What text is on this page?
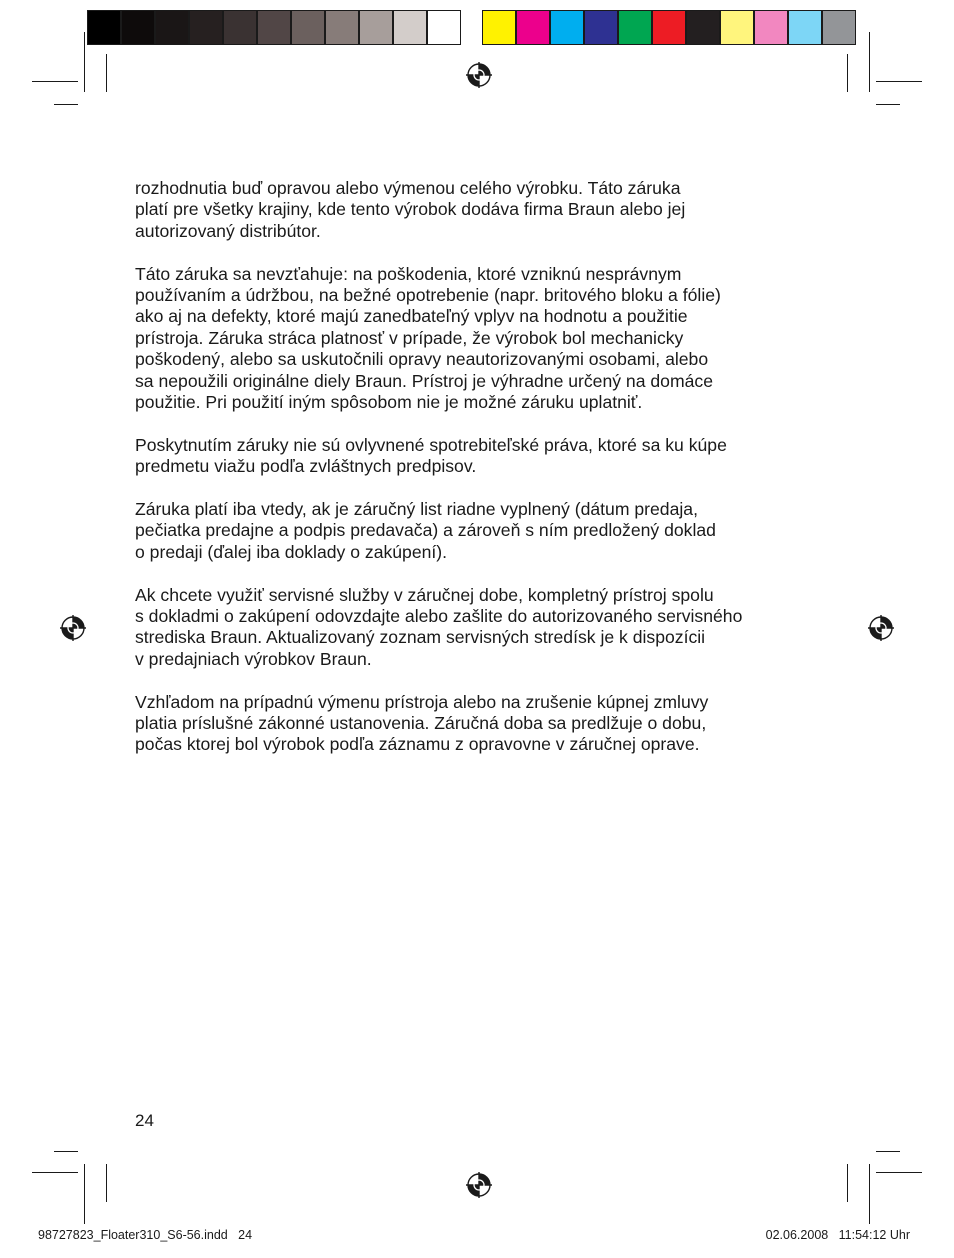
rozhodnutia buď opravou alebo výmenou celého výrobku. Táto záruka
platí pre všetky krajiny, kde tento výrobok dodáva firma Braun alebo jej
autorizovaný distribútor.

Táto záruka sa nevzťahuje: na poškodenia, ktoré vzniknú nesprávnym
používaním a údržbou, na bežné opotrebenie (napr. britového bloku a fólie)
ako aj na defekty, ktoré majú zanedbateľný vplyv na hodnotu a použitie
prístroja. Záruka stráca platnosť v prípade, že výrobok bol mechanicky
poškodený, alebo sa uskutočnili opravy neautorizovanými osobami, alebo
sa nepoužili originálne diely Braun. Prístroj je výhradne určený na domáce
použitie. Pri použití iným spôsobom nie je možné záruku uplatniť.

Poskytnutím záruky nie sú ovlyvnené spotrebiteľské práva, ktoré sa ku kúpe
predmetu viažu podľa zvláštnych predpisov.

Záruka platí iba vtedy, ak je záručný list riadne vyplnený (dátum predaja,
pečiatka predajne a podpis predavača) a zároveň s ním predložený doklad
o predaji (ďalej iba doklady o zakúpení).

Ak chcete využiť servisné služby v záručnej dobe, kompletný prístroj spolu
s dokladmi o zakúpení odovzdajte alebo zašlite do autorizovaného servisného
strediska Braun. Aktualizovaný zoznam servisných stredísk je k dispozícii
v predajniach výrobkov Braun.

Vzhľadom na prípadnú výmenu prístroja alebo na zrušenie kúpnej zmluvy
platia príslušné zákonné ustanovenia. Záručná doba sa predlžuje o dobu,
počas ktorej bol výrobok podľa záznamu z opravovne v záručnej oprave.

24
98727823_Floater310_S6-56.indd   24	02.06.2008 11:54:12 Uhr
